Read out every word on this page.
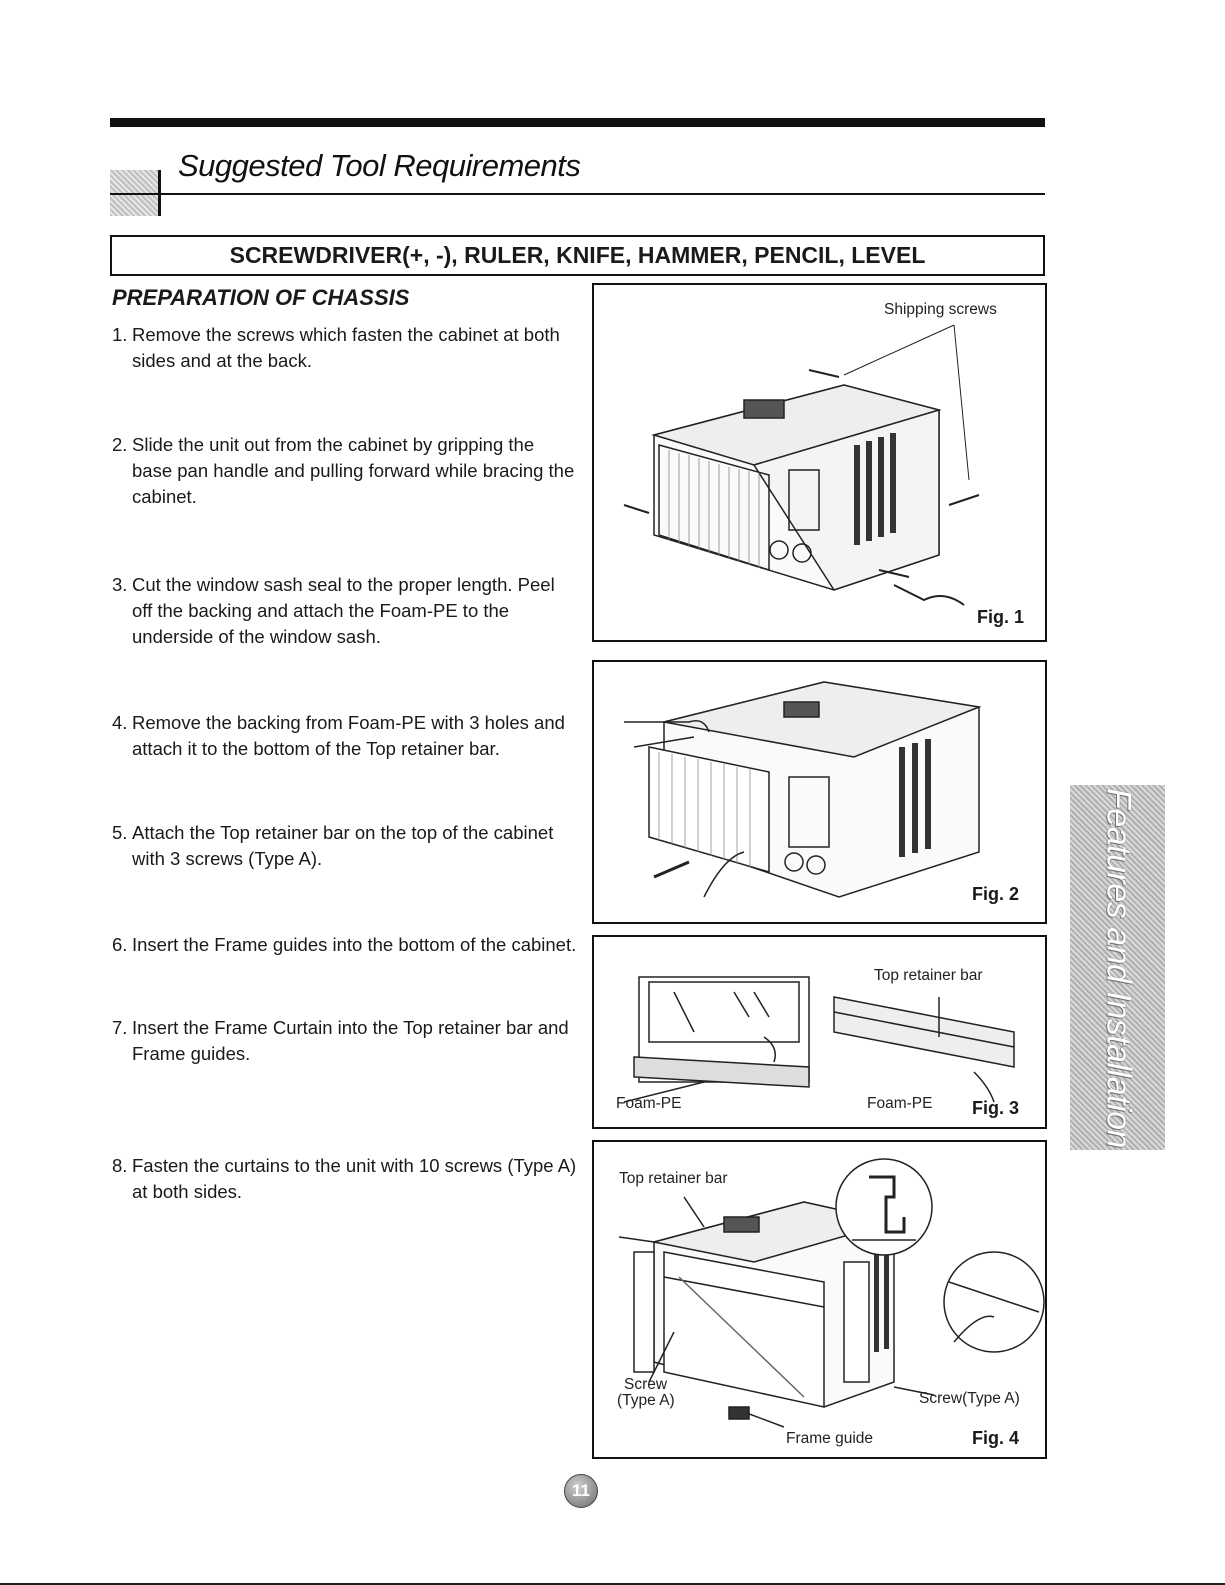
Suggested Tool Requirements
SCREWDRIVER(+, -), RULER, KNIFE, HAMMER, PENCIL, LEVEL
PREPARATION OF CHASSIS
1. Remove the screws which fasten the cabinet at both sides and at the back.
2. Slide the unit out from the cabinet by gripping the base pan handle and pulling forward while bracing the cabinet.
3. Cut the window sash seal to the proper length. Peel off the backing and attach the Foam-PE to the underside of the window sash.
4. Remove the backing from Foam-PE with 3 holes and attach it to the bottom of the Top retainer bar.
5. Attach the Top retainer bar on the top of the cabinet with 3 screws (Type A).
6. Insert the Frame guides into the bottom of the cabinet.
7. Insert the Frame Curtain into the Top retainer bar and Frame guides.
8. Fasten the curtains to the unit with 10 screws (Type A) at both sides.
Shipping screws
Fig. 1
Fig. 2
Top retainer bar
Foam-PE	Foam-PE Fig. 3
Top retainer bar
Screw
(Type A)	Screw(Type A)
Frame guide	Fig. 4
Features and Installation
11
